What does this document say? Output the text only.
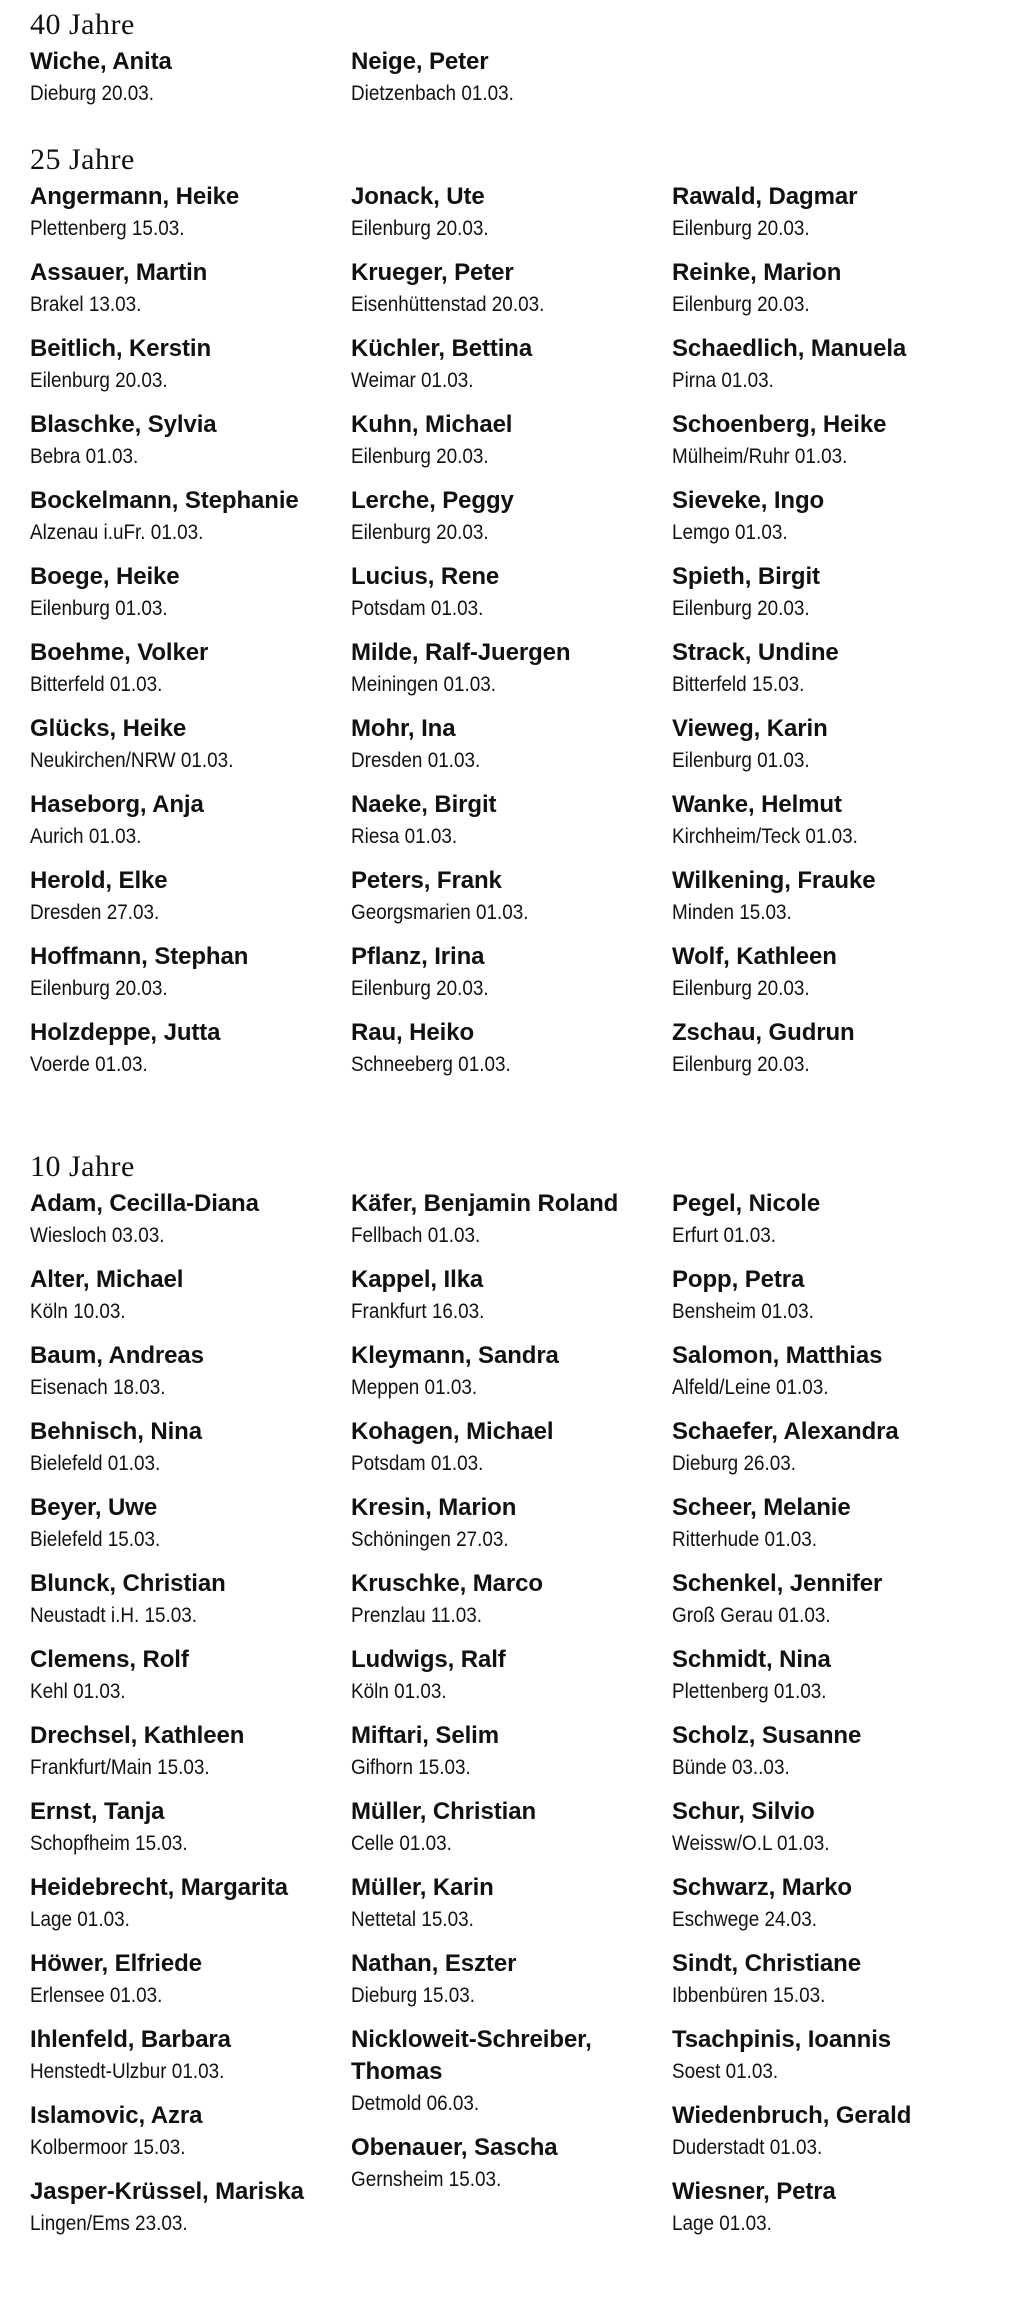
40 Jahre
Wiche, Anita
Dieburg 20.03.
Neige, Peter
Dietzenbach 01.03.
25 Jahre
Angermann, Heike
Plettenberg 15.03.
Assauer, Martin
Brakel 13.03.
Beitlich, Kerstin
Eilenburg 20.03.
Blaschke, Sylvia
Bebra 01.03.
Bockelmann, Stephanie
Alzenau i.uFr. 01.03.
Boege, Heike
Eilenburg 01.03.
Boehme, Volker
Bitterfeld 01.03.
Glücks, Heike
Neukirchen/NRW 01.03.
Haseborg, Anja
Aurich 01.03.
Herold, Elke
Dresden 27.03.
Hoffmann, Stephan
Eilenburg 20.03.
Holzdeppe, Jutta
Voerde 01.03.
Jonack, Ute
Eilenburg 20.03.
Krueger, Peter
Eisenhüttenstad 20.03.
Küchler, Bettina
Weimar 01.03.
Kuhn, Michael
Eilenburg 20.03.
Lerche, Peggy
Eilenburg 20.03.
Lucius, Rene
Potsdam 01.03.
Milde, Ralf-Juergen
Meiningen 01.03.
Mohr, Ina
Dresden 01.03.
Naeke, Birgit
Riesa 01.03.
Peters, Frank
Georgsmarien 01.03.
Pflanz, Irina
Eilenburg 20.03.
Rau, Heiko
Schneeberg 01.03.
Rawald, Dagmar
Eilenburg 20.03.
Reinke, Marion
Eilenburg 20.03.
Schaedlich, Manuela
Pirna 01.03.
Schoenberg, Heike
Mülheim/Ruhr 01.03.
Sieveke, Ingo
Lemgo 01.03.
Spieth, Birgit
Eilenburg 20.03.
Strack, Undine
Bitterfeld 15.03.
Vieweg, Karin
Eilenburg 01.03.
Wanke, Helmut
Kirchheim/Teck 01.03.
Wilkening, Frauke
Minden 15.03.
Wolf, Kathleen
Eilenburg 20.03.
Zschau, Gudrun
Eilenburg 20.03.
10 Jahre
Adam, Cecilla-Diana
Wiesloch 03.03.
Alter, Michael
Köln 10.03.
Baum, Andreas
Eisenach 18.03.
Behnisch, Nina
Bielefeld 01.03.
Beyer, Uwe
Bielefeld 15.03.
Blunck, Christian
Neustadt i.H. 15.03.
Clemens, Rolf
Kehl 01.03.
Drechsel, Kathleen
Frankfurt/Main 15.03.
Ernst, Tanja
Schopfheim 15.03.
Heidebrecht, Margarita
Lage 01.03.
Höwer, Elfriede
Erlensee 01.03.
Ihlenfeld, Barbara
Henstedt-Ulzbur 01.03.
Islamovic, Azra
Kolbermoor 15.03.
Jasper-Krüssel, Mariska
Lingen/Ems 23.03.
Käfer, Benjamin Roland
Fellbach 01.03.
Kappel, Ilka
Frankfurt 16.03.
Kleymann, Sandra
Meppen 01.03.
Kohagen, Michael
Potsdam 01.03.
Kresin, Marion
Schöningen 27.03.
Kruschke, Marco
Prenzlau 11.03.
Ludwigs, Ralf
Köln 01.03.
Miftari, Selim
Gifhorn 15.03.
Müller, Christian
Celle 01.03.
Müller, Karin
Nettetal 15.03.
Nathan, Eszter
Dieburg 15.03.
Nickloweit-Schreiber, Thomas
Detmold 06.03.
Obenauer, Sascha
Gernsheim 15.03.
Pegel, Nicole
Erfurt 01.03.
Popp, Petra
Bensheim 01.03.
Salomon, Matthias
Alfeld/Leine 01.03.
Schaefer, Alexandra
Dieburg 26.03.
Scheer, Melanie
Ritterhude 01.03.
Schenkel, Jennifer
Groß Gerau 01.03.
Schmidt, Nina
Plettenberg 01.03.
Scholz, Susanne
Bünde 03..03.
Schur, Silvio
Weissw/O.L 01.03.
Schwarz, Marko
Eschwege 24.03.
Sindt, Christiane
Ibbenbüren 15.03.
Tsachpinis, Ioannis
Soest 01.03.
Wiedenbruch, Gerald
Duderstadt 01.03.
Wiesner, Petra
Lage 01.03.
